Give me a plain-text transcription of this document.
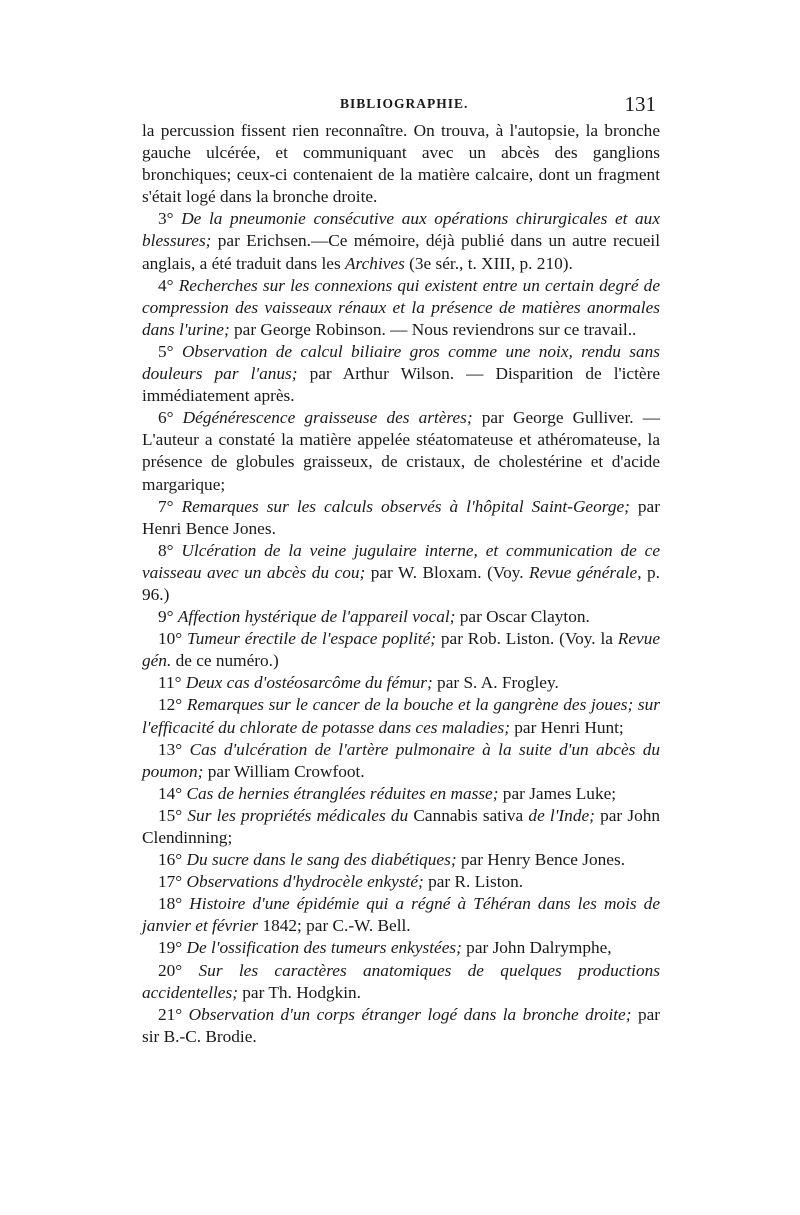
BIBLIOGRAPHIE.	131

la percussion fissent rien reconnaître. On trouva, à l'autopsie, la bronche gauche ulcérée, et communiquant avec un abcès des ganglions bronchiques; ceux-ci contenaient de la matière calcaire, dont un fragment s'était logé dans la bronche droite.

3° De la pneumonie consécutive aux opérations chirurgicales et aux blessures; par Erichsen.—Ce mémoire, déjà publié dans un autre recueil anglais, a été traduit dans les Archives (3e sér., t. XIII, p. 210).

4° Recherches sur les connexions qui existent entre un certain degré de compression des vaisseaux rénaux et la présence de matières anormales dans l'urine; par George Robinson. — Nous reviendrons sur ce travail..

5° Observation de calcul biliaire gros comme une noix, rendu sans douleurs par l'anus; par Arthur Wilson. — Disparition de l'ictère immédiatement après.

6° Dégénérescence graisseuse des artères; par George Gulliver. — L'auteur a constaté la matière appelée stéatomateuse et athéromateuse, la présence de globules graisseux, de cristaux, de cholestérine et d'acide margarique;

7° Remarques sur les calculs observés à l'hôpital Saint-George; par Henri Bence Jones.

8° Ulcération de la veine jugulaire interne, et communication de ce vaisseau avec un abcès du cou; par W. Bloxam. (Voy. Revue générale, p. 96.)

9° Affection hystérique de l'appareil vocal; par Oscar Clayton.

10° Tumeur érectile de l'espace poplité; par Rob. Liston. (Voy. la Revue gén. de ce numéro.)

11° Deux cas d'ostéosarcôme du fémur; par S. A. Frogley.

12° Remarques sur le cancer de la bouche et la gangrène des joues; sur l'efficacité du chlorate de potasse dans ces maladies; par Henri Hunt;

13° Cas d'ulcération de l'artère pulmonaire à la suite d'un abcès du poumon; par William Crowfoot.

14° Cas de hernies étranglées réduites en masse; par James Luke;

15° Sur les propriétés médicales du Cannabis sativa de l'Inde; par John Clendinning;

16° Du sucre dans le sang des diabétiques; par Henry Bence Jones.

17° Observations d'hydrocèle enkysté; par R. Liston.

18° Histoire d'une épidémie qui a régné à Téhéran dans les mois de janvier et février 1842; par C.-W. Bell.

19° De l'ossification des tumeurs enkystées; par John Dalrymphe,

20° Sur les caractères anatomiques de quelques productions accidentelles; par Th. Hodgkin.

21° Observation d'un corps étranger logé dans la bronche droite; par sir B.-C. Brodie.
